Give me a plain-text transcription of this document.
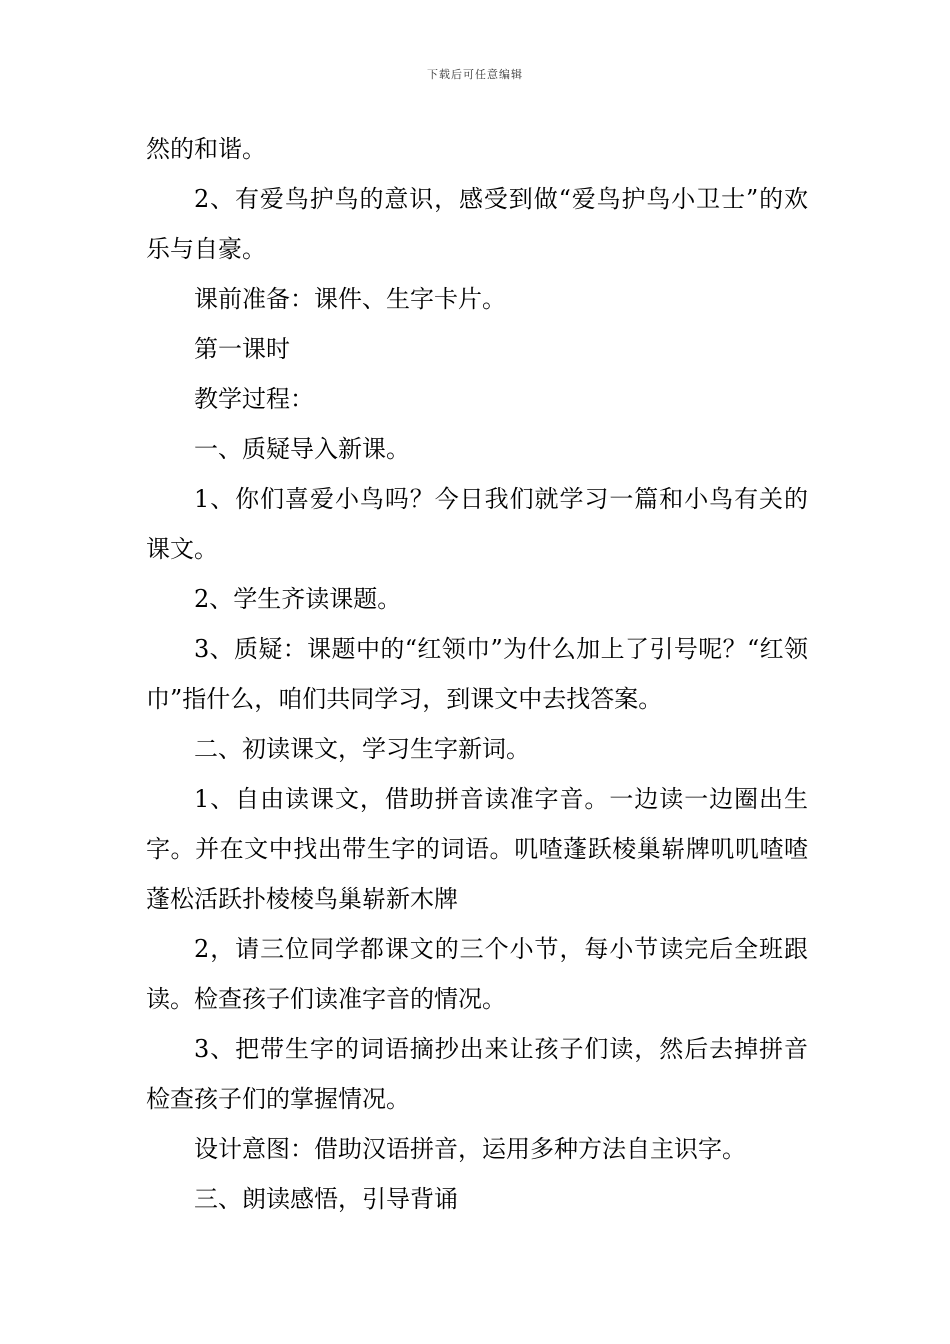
下载后可任意编辑

然的和谐。

2、有爱鸟护鸟的意识，感受到做“爱鸟护鸟小卫士”的欢乐与自豪。

课前准备：课件、生字卡片。

第一课时

教学过程：

一、质疑导入新课。

1、你们喜爱小鸟吗？今日我们就学习一篇和小鸟有关的课文。

2、学生齐读课题。

3、质疑：课题中的“红领巾”为什么加上了引号呢？“红领巾”指什么，咱们共同学习，到课文中去找答案。

二、初读课文，学习生字新词。

1、自由读课文，借助拼音读准字音。一边读一边圈出生字。并在文中找出带生字的词语。叽喳蓬跃棱巢崭牌叽叽喳喳蓬松活跃扑棱棱鸟巢崭新木牌

2，请三位同学都课文的三个小节，每小节读完后全班跟读。检查孩子们读准字音的情况。

3、把带生字的词语摘抄出来让孩子们读，然后去掉拼音检查孩子们的掌握情况。

设计意图：借助汉语拼音，运用多种方法自主识字。

三、朗读感悟，引导背诵
